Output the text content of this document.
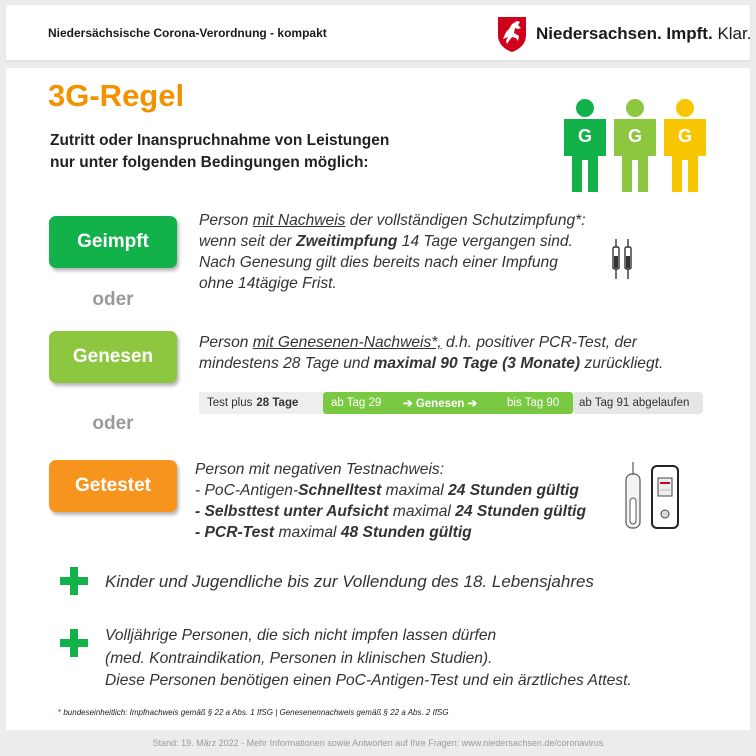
Niedersächsische Corona-Verordnung - kompakt	Niedersachsen. Impft. Klar.
3G-Regel
Zutritt oder Inanspruchnahme von Leistungen
nur unter folgenden Bedingungen möglich:
G G G
Geimpft
Person mit Nachweis der vollständigen Schutzimpfung*:
wenn seit der Zweitimpfung 14 Tage vergangen sind.
Nach Genesung gilt dies bereits nach einer Impfung
ohne 14tägige Frist.
oder
Genesen
Person mit Genesenen-Nachweis*, d.h. positiver PCR-Test, der
mindestens 28 Tage und maximal 90 Tage (3 Monate) zurückliegt.
Test plus 28 Tage	ab Tag 29 ➔ Genesen ➔	bis Tag 90	ab Tag 91 abgelaufen
oder
Getestet
Person mit negativen Testnachweis:
- PoC-Antigen-Schnelltest maximal 24 Stunden gültig
- Selbsttest unter Aufsicht maximal 24 Stunden gültig
- PCR-Test maximal 48 Stunden gültig
Kinder und Jugendliche bis zur Vollendung des 18. Lebensjahres
Volljährige Personen, die sich nicht impfen lassen dürfen
(med. Kontraindikation, Personen in klinischen Studien).
Diese Personen benötigen einen PoC-Antigen-Test und ein ärztliches Attest.
* bundeseinheitlich: Impfnachweis gemäß § 22 a Abs. 1 IfSG | Genesenennachweis gemäß § 22 a Abs. 2 IfSG
Stand: 19. März 2022 - Mehr Informationen sowie Antworten auf Ihre Fragen: www.niedersachsen.de/coronavirus
